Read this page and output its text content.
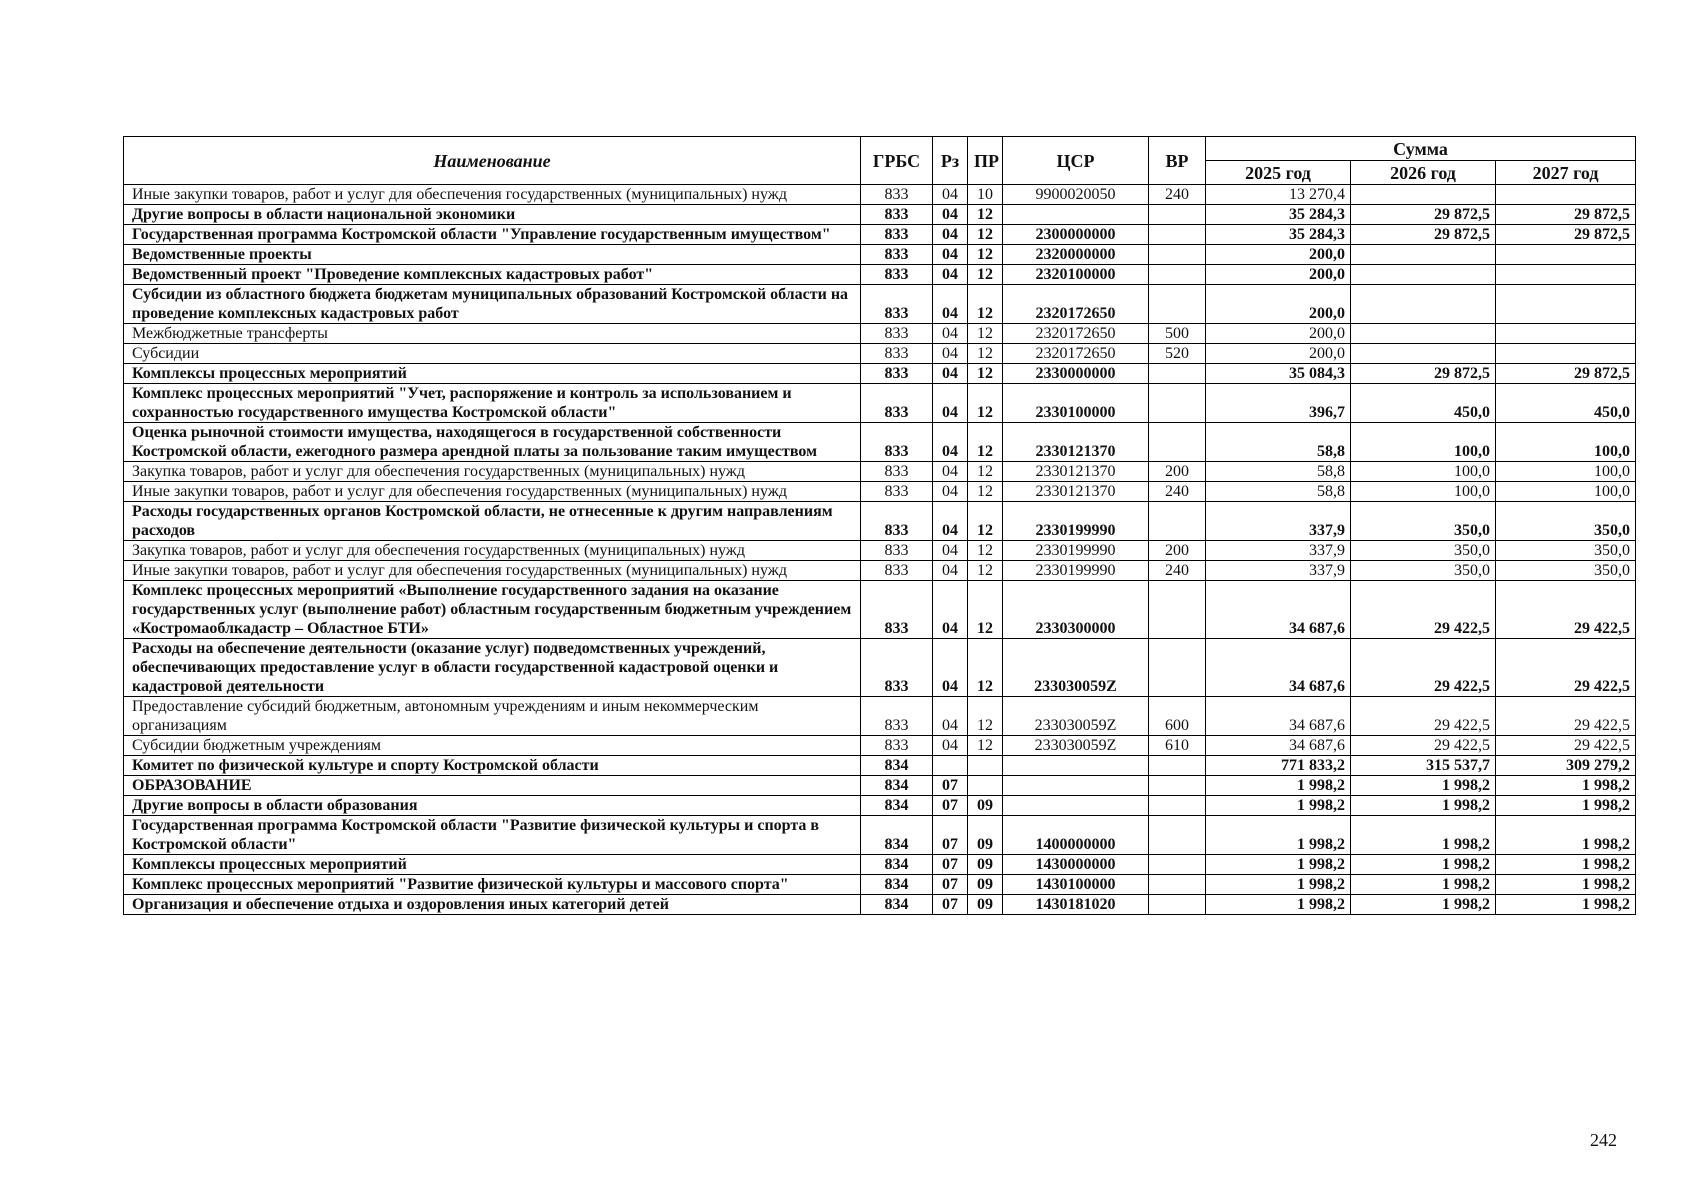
Наименование	ГРБС	Рз	ПР	ЦСР	ВР	Сумма		
						2025 год	2026 год	2027 год
Иные закупки товаров, работ и услуг для обеспечения государственных (муниципальных) нужд	833	04	10	9900020050	240	13 270,4		
Другие вопросы в области национальной экономики	833	04	12			35 284,3	29 872,5	29 872,5
Государственная программа Костромской области "Управление государственным имуществом"	833	04	12	2300000000		35 284,3	29 872,5	29 872,5
Ведомственные проекты	833	04	12	2320000000		200,0		
Ведомственный проект "Проведение комплексных кадастровых работ"	833	04	12	2320100000		200,0		
Субсидии из областного бюджета бюджетам муниципальных образований Костромской области на проведение комплексных кадастровых работ	833	04	12	2320172650		200,0		
Межбюджетные трансферты	833	04	12	2320172650	500	200,0		
Субсидии	833	04	12	2320172650	520	200,0		
Комплексы процессных мероприятий	833	04	12	2330000000		35 084,3	29 872,5	29 872,5
Комплекс процессных мероприятий "Учет, распоряжение и контроль за использованием и сохранностью государственного имущества Костромской области"	833	04	12	2330100000		396,7	450,0	450,0
Оценка рыночной стоимости имущества, находящегося в государственной собственности Костромской области, ежегодного размера арендной платы за пользование таким имуществом	833	04	12	2330121370		58,8	100,0	100,0
Закупка товаров, работ и услуг для обеспечения государственных (муниципальных) нужд	833	04	12	2330121370	200	58,8	100,0	100,0
Иные закупки товаров, работ и услуг для обеспечения государственных (муниципальных) нужд	833	04	12	2330121370	240	58,8	100,0	100,0
Расходы государственных органов Костромской области, не отнесенные к другим направлениям расходов	833	04	12	2330199990		337,9	350,0	350,0
Закупка товаров, работ и услуг для обеспечения государственных (муниципальных) нужд	833	04	12	2330199990	200	337,9	350,0	350,0
Иные закупки товаров, работ и услуг для обеспечения государственных (муниципальных) нужд	833	04	12	2330199990	240	337,9	350,0	350,0
Комплекс процессных мероприятий «Выполнение государственного задания на оказание государственных услуг (выполнение работ) областным государственным бюджетным учреждением «Костромаоблкадастр – Областное БТИ»	833	04	12	2330300000		34 687,6	29 422,5	29 422,5
Расходы на обеспечение деятельности (оказание услуг) подведомственных учреждений, обеспечивающих предоставление услуг в области государственной кадастровой оценки и кадастровой деятельности	833	04	12	233030059Z		34 687,6	29 422,5	29 422,5
Предоставление субсидий бюджетным, автономным учреждениям и иным некоммерческим организациям	833	04	12	233030059Z	600	34 687,6	29 422,5	29 422,5
Субсидии бюджетным учреждениям	833	04	12	233030059Z	610	34 687,6	29 422,5	29 422,5
Комитет по физической культуре и спорту Костромской области	834					771 833,2	315 537,7	309 279,2
ОБРАЗОВАНИЕ	834	07				1 998,2	1 998,2	1 998,2
Другие вопросы в области образования	834	07	09			1 998,2	1 998,2	1 998,2
Государственная программа Костромской области "Развитие физической культуры и спорта в Костромской области"	834	07	09	1400000000		1 998,2	1 998,2	1 998,2
Комплексы процессных мероприятий	834	07	09	1430000000		1 998,2	1 998,2	1 998,2
Комплекс процессных мероприятий "Развитие физической культуры и массового спорта"	834	07	09	1430100000		1 998,2	1 998,2	1 998,2
Организация и обеспечение отдыха и оздоровления иных категорий детей	834	07	09	1430181020		1 998,2	1 998,2	1 998,2
242
